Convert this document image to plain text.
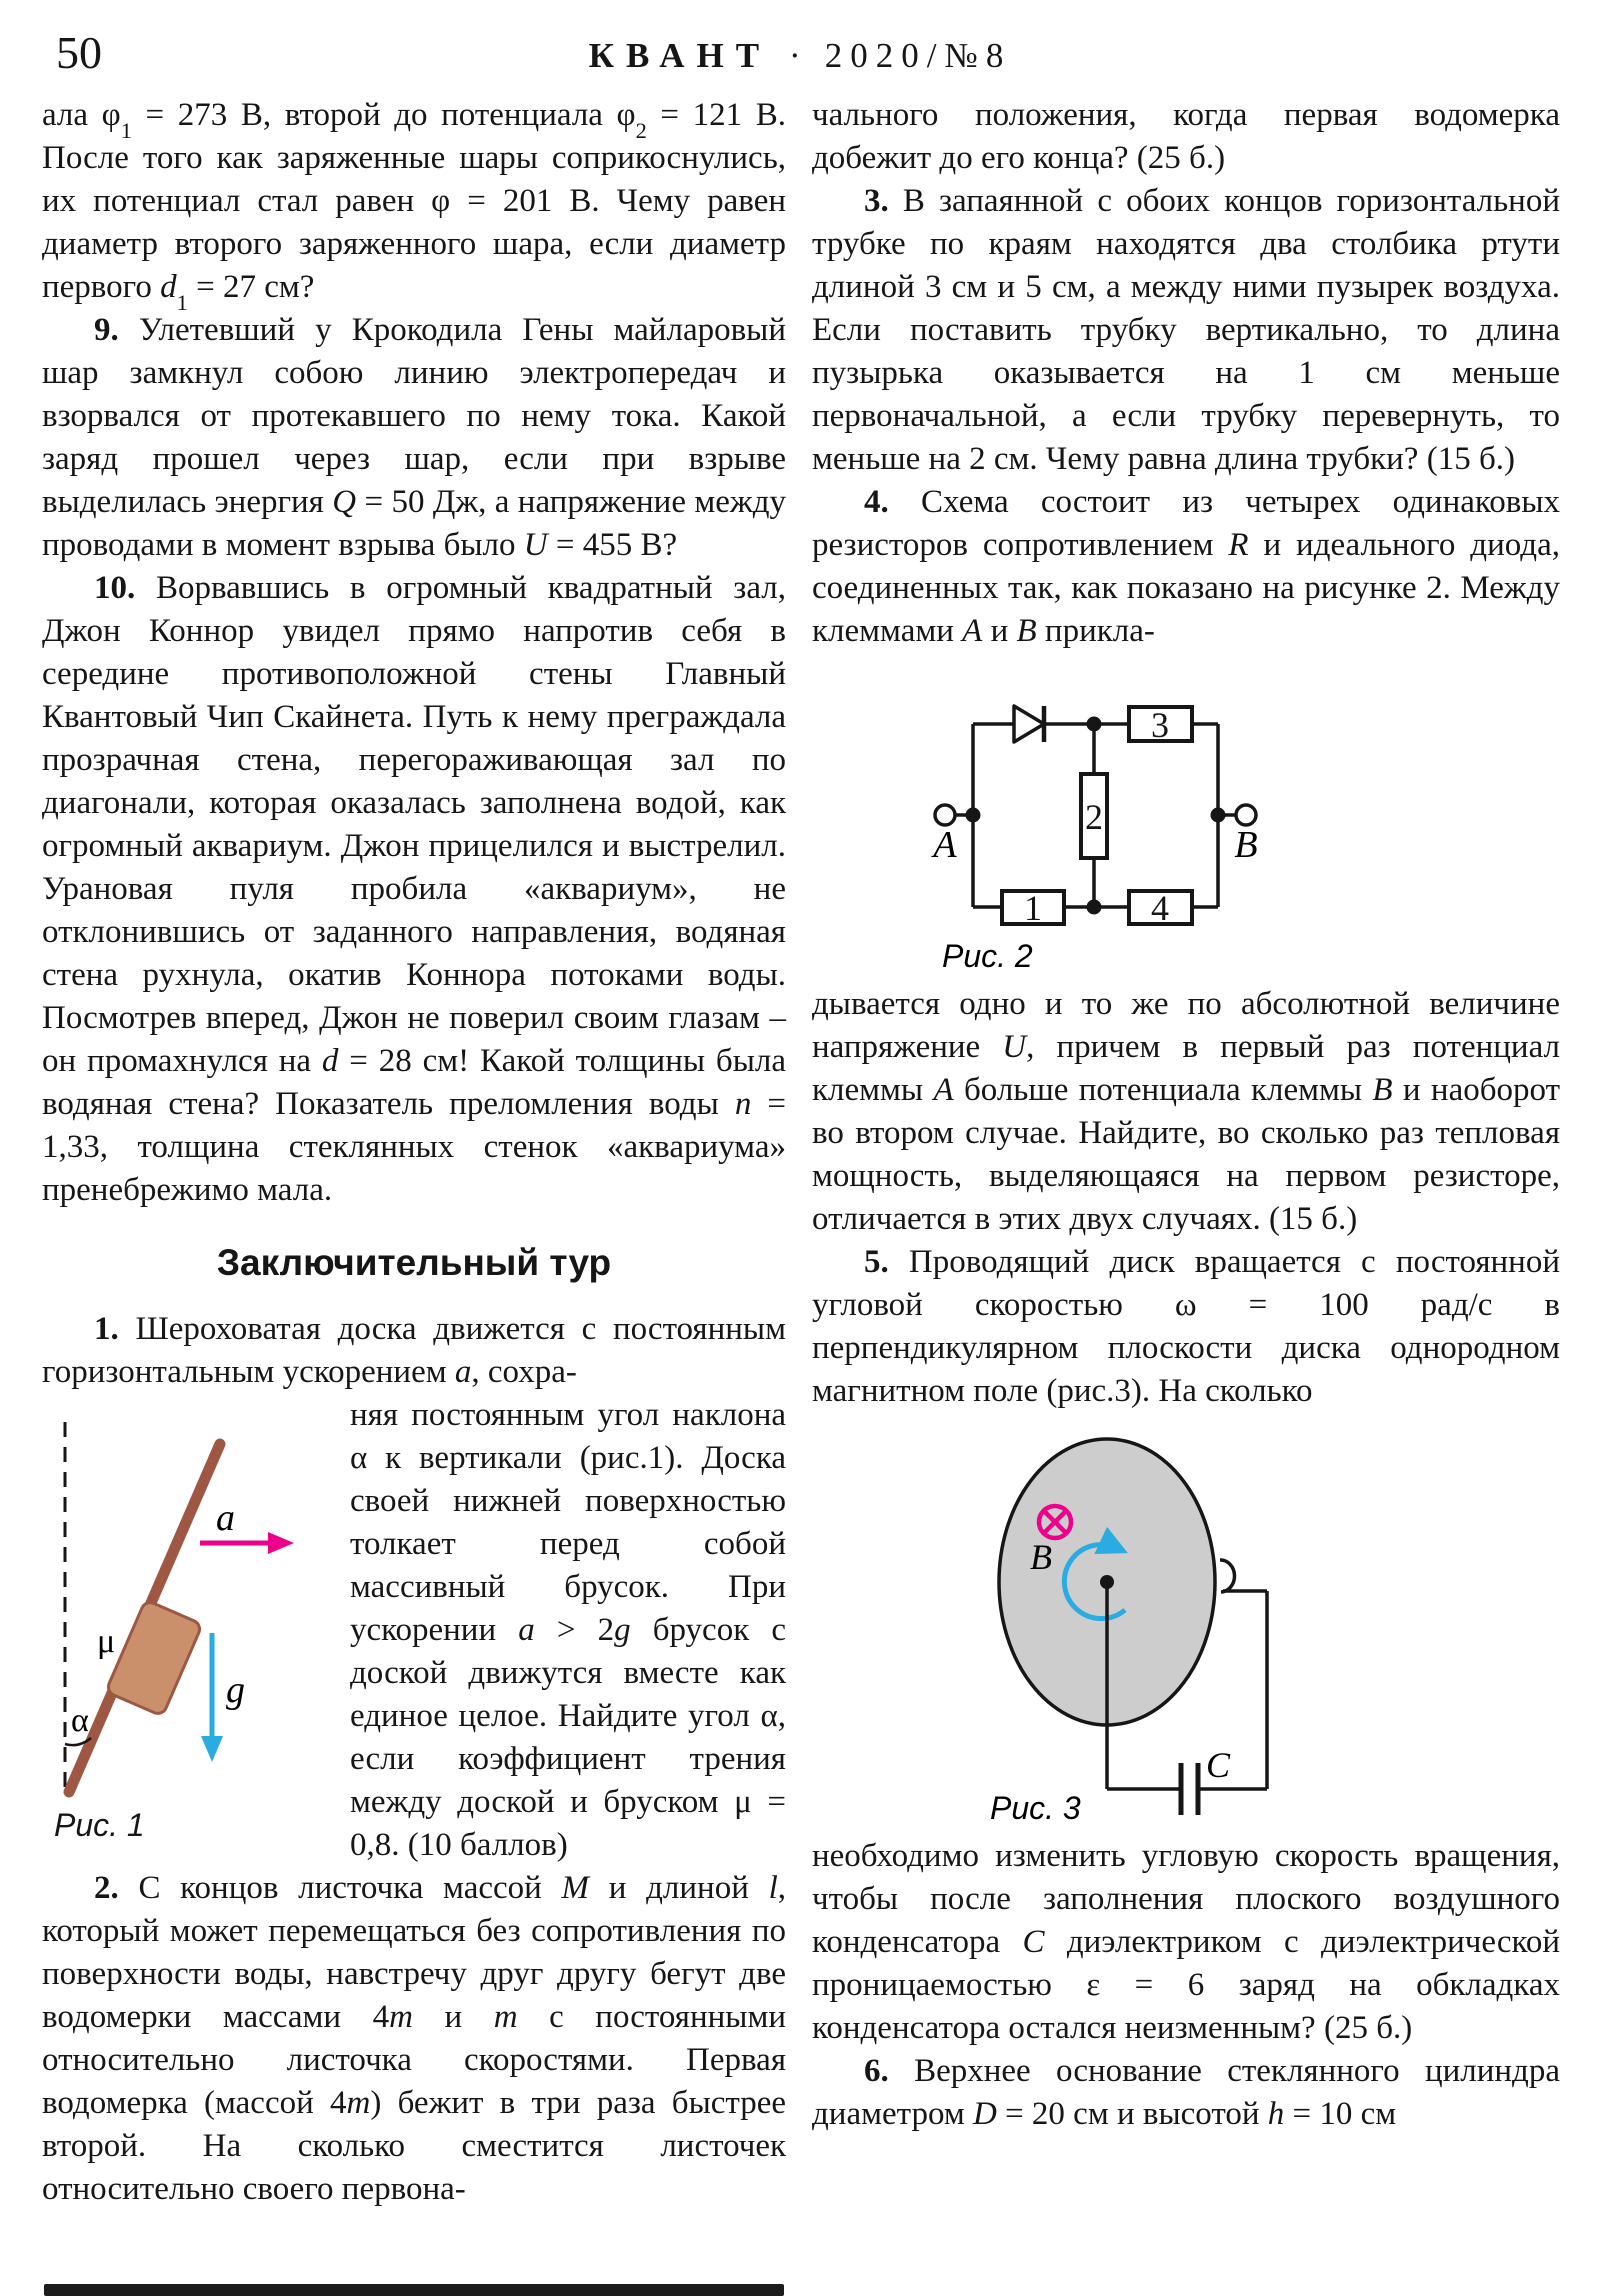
50	КВАНТ · 2020/№8

ала $\varphi_1 = 273$ В, второй до потенциала $\varphi_2 = 121$ В. После того как заряженные шары соприкоснулись, их потенциал стал равен φ = 201 В. Чему равен диаметр второго заряженного шара, если диаметр первого $d_1 = 27$ см?

9. Улетевший у Крокодила Гены майларовый шар замкнул собою линию электропередач и взорвался от протекавшего по нему тока. Какой заряд прошел через шар, если при взрыве выделилась энергия Q = 50 Дж, а напряжение между проводами в момент взрыва было U = 455 В?

10. Ворвавшись в огромный квадратный зал, Джон Коннор увидел прямо напротив себя в середине противоположной стены Главный Квантовый Чип Скайнета. Путь к нему преграждала прозрачная стена, перегораживающая зал по диагонали, которая оказалась заполнена водой, как огромный аквариум. Джон прицелился и выстрелил. Урановая пуля пробила «аквариум», не отклонившись от заданного направления, водяная стена рухнула, окатив Коннора потоками воды. Посмотрев вперед, Джон не поверил своим глазам – он промахнулся на d = 28 см! Какой толщины была водяная стена? Показатель преломления воды n = 1,33, толщина стеклянных стенок «аквариума» пренебрежимо мала.

Заключительный тур

1. Шероховатая доска движется с постоянным горизонтальным ускорением a, сохра-

a
g
μ
α
Рис. 1

няя постоянным угол наклона α к вертикали (рис.1). Доска своей нижней поверхностью толкает перед собой массивный брусок. При ускорении a > 2g брусок с доской движутся вместе как единое целое. Найдите угол α, если коэффициент трения между доской и бруском μ = 0,8. (10 баллов)

2. С концов листочка массой M и длиной l, который может перемещаться без сопротивления по поверхности воды, навстречу друг другу бегут две водомерки массами 4m и m с постоянными относительно листочка скоростями. Первая водомерка (массой 4m) бежит в три раза быстрее второй. На сколько сместится листочек относительно своего первона-

чального положения, когда первая водомерка добежит до его конца? (25 б.)

3. В запаянной с обоих концов горизонтальной трубке по краям находятся два столбика ртути длиной 3 см и 5 см, а между ними пузырек воздуха. Если поставить трубку вертикально, то длина пузырька оказывается на 1 см меньше первоначальной, а если трубку перевернуть, то меньше на 2 см. Чему равна длина трубки? (15 б.)

4. Схема состоит из четырех одинаковых резисторов сопротивлением R и идеального диода, соединенных так, как показано на рисунке 2. Между клеммами A и B прикла-

3
2
1	4
A	B
Рис. 2

дывается одно и то же по абсолютной величине напряжение U, причем в первый раз потенциал клеммы A больше потенциала клеммы B и наоборот во втором случае. Найдите, во сколько раз тепловая мощность, выделяющаяся на первом резисторе, отличается в этих двух случаях. (15 б.)

5. Проводящий диск вращается с постоянной угловой скоростью ω = 100 рад/с в перпендикулярном плоскости диска однородном магнитном поле (рис.3). На сколько

B
C
Рис. 3

необходимо изменить угловую скорость вращения, чтобы после заполнения плоского воздушного конденсатора C диэлектриком с диэлектрической проницаемостью ε = 6 заряд на обкладках конденсатора остался неизменным? (25 б.)

6. Верхнее основание стеклянного цилиндра диаметром D = 20 см и высотой h = 10 см
